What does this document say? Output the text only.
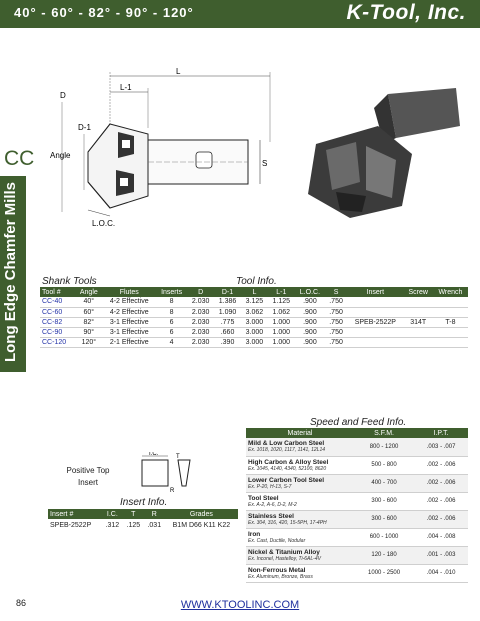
40° - 60° - 82° - 90° - 120°	K-Tool, Inc.
CC
Long Edge Chamfer Mills
L
L-1
D
D-1
Angle
S
L.O.C.
Shank Tools	Tool Info.
Tool #	Angle	Flutes	Inserts	D	D-1	L	L-1	L.O.C.	S	Insert	Screw	Wrench
CC-40	40°	4-2 Effective	8	2.030	1.386	3.125	1.125	.900	.750			
CC-60	60°	4-2 Effective	8	2.030	1.090	3.062	1.062	.900	.750			
CC-82	82°	3-1 Effective	6	2.030	.775	3.000	1.000	.900	.750	SPEB-2522P	314T	T-8
CC-90	90°	3-1 Effective	6	2.030	.660	3.000	1.000	.900	.750			
CC-120	120°	2-1 Effective	4	2.030	.390	3.000	1.000	.900	.750			
Positive Top Insert
I.C.	T
R
Insert Info.
Insert #	I.C.	T	R	Grades
SPEB-2522P	.312	.125	.031	B1M D66 K11 K22
Speed and Feed Info.
Material	S.F.M.	I.P.T.

Mild & Low Carbon Steel
Ex. 1018, 1020, 1117, 1141, 12L14	800 - 1200	.003 - .007

High Carbon & Alloy Steel
Ex. 1045, 4140, 4340, 52100, 8620	500 - 800	.002 - .006

Lower Carbon Tool Steel
Ex. P-20, H-13, S-7	400 - 700	.002 - .006

Tool Steel
Ex. A-2, A-6, D-2, M-2	300 - 600	.002 - .006

Stainless Steel
Ex. 304, 316, 420, 15-5PH, 17-4PH	300 - 600	.002 - .006

Iron
Ex. Cast, Ductile, Nodular	600 - 1000	.004 - .008

Nickel & Titanium Alloy
Ex. Inconel, Hastelloy, Ti-6AL-4V	120 - 180	.001 - .003

Non-Ferrous Metal
Ex. Aluminum, Bronze, Brass	1000 - 2500	.004 - .010
86	WWW.KTOOLINC.COM
